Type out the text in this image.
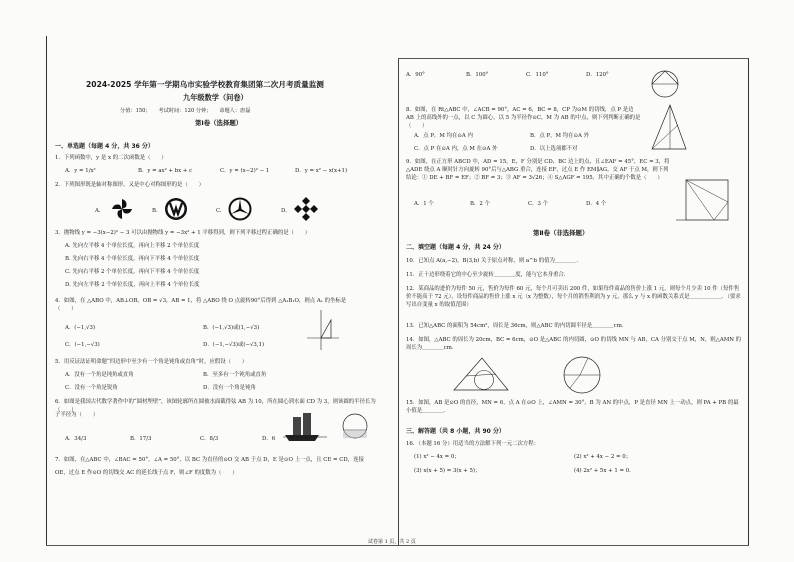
2024-2025 学年第一学期乌市实验学校教育集团第二次月考质量监测
九年级数学（问卷）
分值：150；　　考试时间：120 分钟；　　命题人：唐磊
第Ⅰ卷（选择题）
一、单选题（每题 4 分，共 36 分）
1．下列函数中，y 是 x 的二次函数是（　　）
A．y = 1/x²	B．y = ax² + bx + c	C．y = (x−2)² − 1	D．y = x² − x(x+1)
2．下列图形既是轴对称图形，又是中心对称图形的是（　　）
A.	B.	C.	D.
3．抛物线 y = −3(x−2)² − 3 可以由抛物线 y = −3x² + 1 平移得到，则下列平移过程正确的是（　　）
A. 先向左平移 4 个单位长度，再向上平移 2 个单位长度
B. 先向右平移 4 个单位长度，再向下平移 4 个单位长度
C. 先向右平移 2 个单位长度，再向下平移 4 个单位长度
D. 先向左平移 2 个单位长度，再向上平移 4 个单位长度
4．如图，在 △ABO 中，AB⊥OB，OB = √3，AB = 1，将 △ABO 绕 O 点旋转90°后得到 △A₁B₁O，则点 A₁ 的坐标是（　　）
A．(−1,√3)	B．(−1,√3)或(1,−√3)
C．(−1,−√3)	D．(−1,−√3)或(−√3,1)
5．用反证法证明命题“四边形中至少有一个角是钝角或直角”时，应假设（　　）
A．没有一个角是钝角或直角	B．至多有一个钝角或直角
C．没有一个角是锐角	D．没有一个角是钝角
6．如图是我国古代数学著作中的“圆材埋壁”，该图轮廓所在圆被水面截得弦 AB 为 10，所在圆心到水面 CD 为 3，则该圆的半径长为（　　）
子半径为（　　）
A．34/3	B．17/3	C．8/3	D．6
7．如图，在△ABC 中，∠BAC = 50°，∠A = 50°，以 BC 为直径的⊙O 交 AB 于点 D，E 是⊙O 上一点，且 CE = CD，连接
OE，过点 E 作⊙O 的切线交 AC 的延长线于点 F，则∠F 的度数为（　　）
A．90°	B．100°	C．110°	D．120°
8．如图，在 Rt△ABC 中，∠ACB = 90°，AC = 6，BC = 8，CP 为⊙M 的切线，点 P 是边 AB 上的高线外的一点，以 C 为圆心，以 5 为半径作⊙C，M 为 AB 的中点，则下列判断正确的是（　　）
A．点 P，M 均在⊙A 内	B．点 P，M 均在⊙A 外
C．点 P 在⊙A 内，点 M 在⊙A 外	D．以上选项都不对
9．如图，在正方形 ABCD 中，AD = 15，E，F 分别是 CD、BC 边上的点，且∠EAF = 45°，EC = 3，将△ADE 绕点 A 顺时针方向旋转 90°后与△ABG 重合，连接 EF，过点 E 作 EM∥AG，交 AF 于点 M，则下列结论：① DE + BF = EF；② BF = 3；③ AF = 3√26；④ S△AGF = 195，其中正确的个数是（　　）
A．1 个	B．2 个	C．3 个	D．4 个
第Ⅱ卷（非选择题）
二、填空题（每题 4 分，共 24 分）
10．已知点 A(a,−2)，B(3,b) 关于原点对称，则 a^b 的值为＿＿＿＿．
11．正十边形绕着它的中心至少旋转＿＿＿＿度，能与它本身重合．
12．某商品的进价为每件 50 元，售价为每件 60 元，每个月可卖出 200 件，如果每件商品的售价上涨 1 元，则每个月少卖 10 件（每件售价不能高于 72 元），设每件商品的售价上涨 x 元（x 为整数），每个月的销售利润为 y 元，那么 y 与 x 的函数关系式是＿＿＿＿＿＿．（要求写出自变量 x 的取值范围）
13．已知△ABC 的面积为 54cm²，周长是 36cm，则△ABC 的内切圆半径是＿＿＿＿cm．
14．如图，△ABC 的周长为 20cm，BC = 6cm，⊙O 是△ABC 的内切圆，⊙O 的切线 MN 与 AB，CA 分别交于点 M，N，则△AMN 的周长为＿＿＿＿cm．
15．如图，AB 是⊙O 的直径，MN = 6，点 A 在⊙O 上，∠AMN = 30°，B 为 AN 的中点，P 是直径 MN 上一动点，则 PA + PB 的最小值是＿＿＿＿．
三、解答题（共 8 小题，共 90 分）
16．（本题 16 分）用适当的方法解下列一元二次方程：
(1) x² − 4x = 0；	(2) x² + 4x − 2 = 0；
(3) x(x + 5) = 3(x + 5)；	(4) 2x² + 5x + 1 = 0．
试卷第 1 页，共 2 页
